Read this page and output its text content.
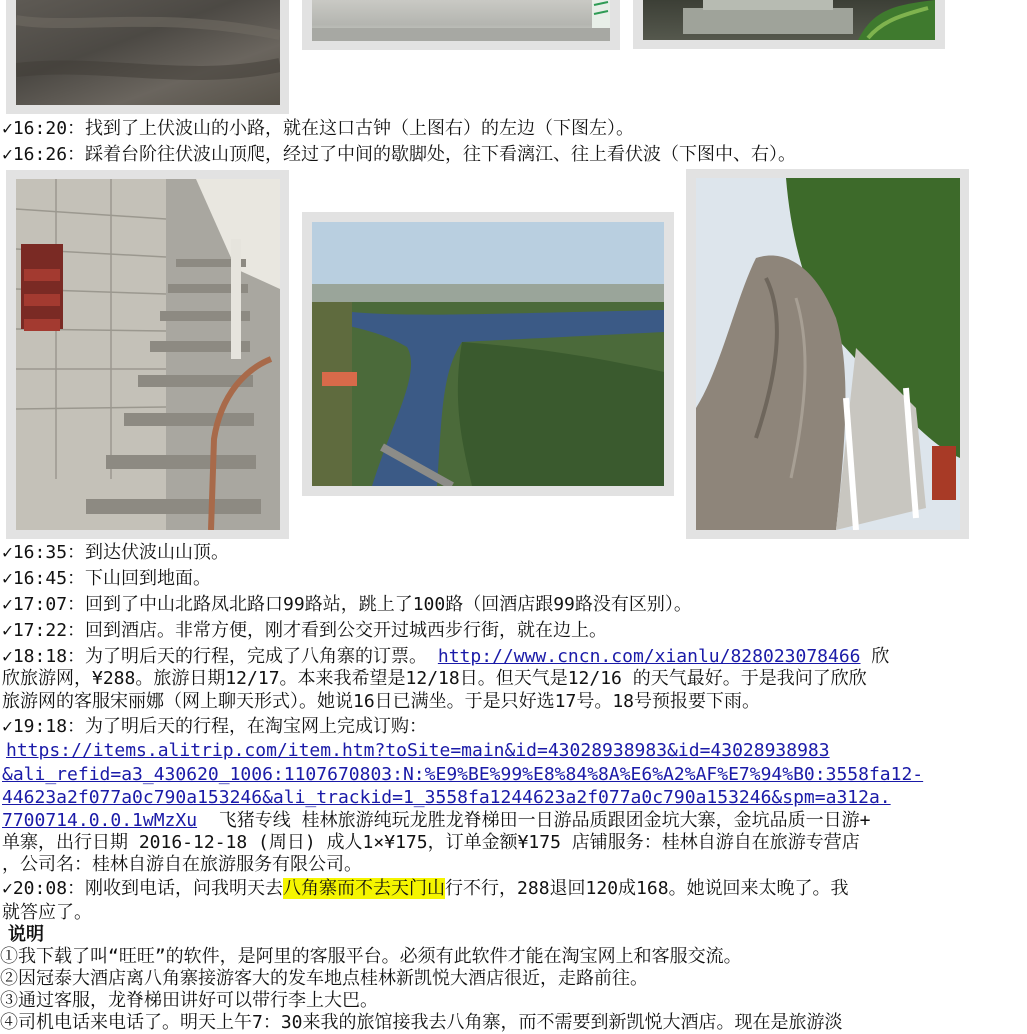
✓16:20：找到了上伏波山的小路，就在这口古钟（上图右）的左边（下图左）。
✓16:26：踩着台阶往伏波山顶爬，经过了中间的歇脚处，往下看漓江、往上看伏波（下图中、右）。
✓16:35：到达伏波山山顶。
✓16:45：下山回到地面。
✓17:07：回到了中山北路凤北路口99路站，跳上了100路（回酒店跟99路没有区别）。
✓17:22：回到酒店。非常方便，刚才看到公交开过城西步行街，就在边上。
✓18:18：为了明后天的行程，完成了八角寨的订票。 http://www.cncn.com/xianlu/828023078466 欣
欣旅游网，¥288。旅游日期12/17。本来我希望是12/18日。但天气是12/16 的天气最好。于是我问了欣欣
旅游网的客服宋丽娜（网上聊天形式）。她说16日已满坐。于是只好选17号。18号预报要下雨。
✓19:18：为了明后天的行程，在淘宝网上完成订购：
https://items.alitrip.com/item.htm?toSite=main&id=43028938983&id=43028938983
&ali_refid=a3_430620_1006:1107670803:N:%E9%BE%99%E8%84%8A%E6%A2%AF%E7%94%B0:3558fa12-
44623a2f077a0c790a153246&ali_trackid=1_3558fa1244623a2f077a0c790a153246&spm=a312a.
7700714.0.0.1wMzXu 飞猪专线 桂林旅游纯玩龙胜龙脊梯田一日游品质跟团金坑大寨，金坑品质一日游+
单寨，出行日期 2016-12-18 (周日) 成人1×¥175，订单金额¥175 店铺服务：桂林自游自在旅游专营店
，公司名：桂林自游自在旅游服务有限公司。
✓20:08：刚收到电话，问我明天去八角寨而不去天门山行不行，288退回120成168。她说回来太晚了。我
就答应了。
说明
①我下载了叫“旺旺”的软件，是阿里的客服平台。必须有此软件才能在淘宝网上和客服交流。
②因冠泰大酒店离八角寨接游客大的发车地点桂林新凯悦大酒店很近，走路前往。
③通过客服，龙脊梯田讲好可以带行李上大巴。
④司机电话来电话了。明天上午7：30来我的旅馆接我去八角寨，而不需要到新凯悦大酒店。现在是旅游淡
